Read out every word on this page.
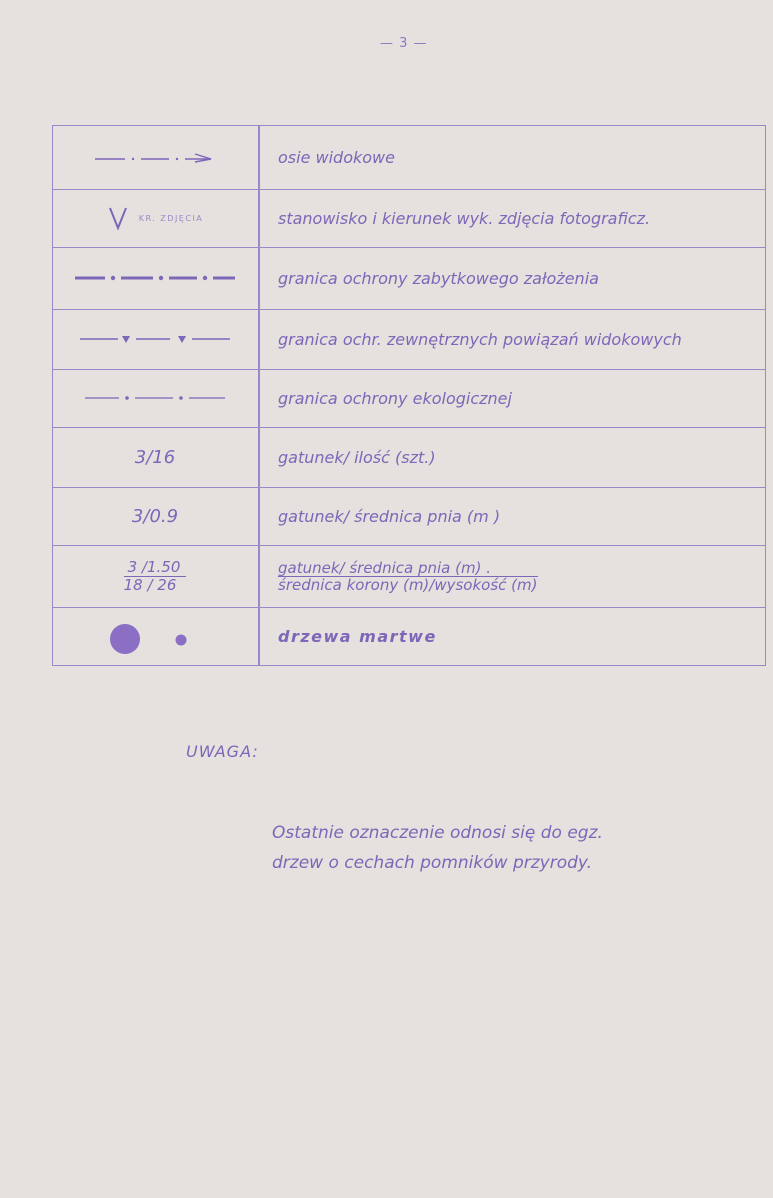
— 3 —
osie widokowe
KR. ZDJĘCIA	stanowisko i kierunek wyk. zdjęcia fotograficz.
granica ochrony zabytkowego założenia
granica ochr. zewnętrznych powiązań widokowych
granica ochrony ekologicznej
3/16	gatunek/ ilość (szt.)
3/0.9	gatunek/ średnica pnia (m )
$\frac{3 /1.50}{18 / 26}$	gatunek/ średnica pnia (m) .
średnica korony (m)/wysokość (m)
drzewa martwe
UWAGA:
Ostatnie oznaczenie odnosi się do egz.
drzew o cechach pomników przyrody.
